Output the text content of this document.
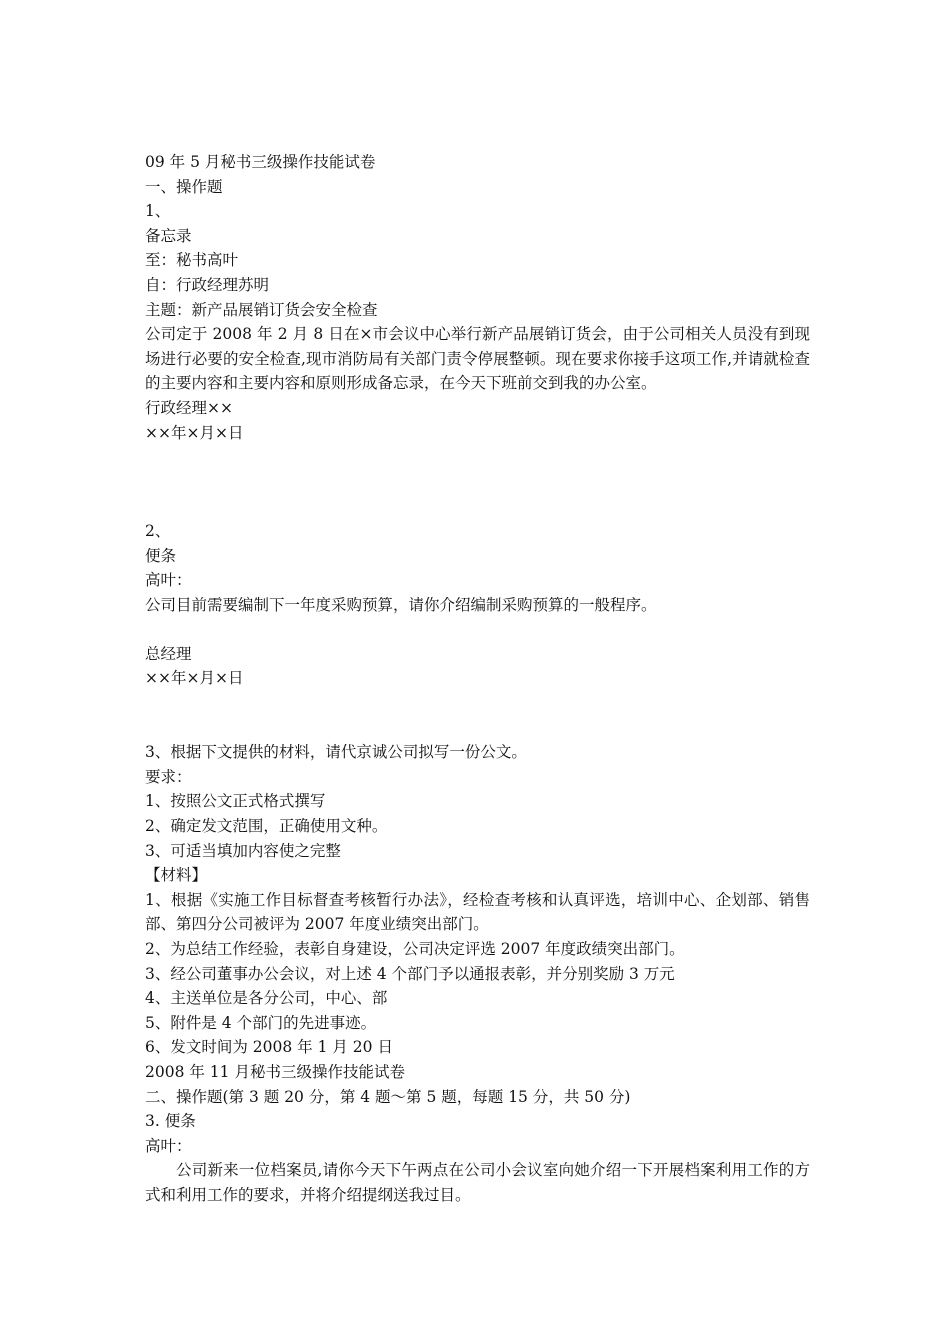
09 年 5 月秘书三级操作技能试卷
一、操作题
1、
备忘录
至：秘书高叶
自：行政经理苏明
主题：新产品展销订货会安全检查
公司定于 2008 年 2 月 8 日在×市会议中心举行新产品展销订货会，由于公司相关人员没有到现场进行必要的安全检查,现市消防局有关部门责令停展整顿。现在要求你接手这项工作,并请就检查的主要内容和主要内容和原则形成备忘录，在今天下班前交到我的办公室。
行政经理××
××年×月×日
2、
便条
高叶：
公司目前需要编制下一年度采购预算，请你介绍编制采购预算的一般程序。
总经理
××年×月×日
3、根据下文提供的材料，请代京诚公司拟写一份公文。
要求：
1、按照公文正式格式撰写
2、确定发文范围，正确使用文种。
3、可适当填加内容使之完整
【材料】
1、根据《实施工作目标督查考核暂行办法》，经检查考核和认真评选，培训中心、企划部、销售部、第四分公司被评为 2007 年度业绩突出部门。
2、为总结工作经验，表彰自身建设，公司决定评选 2007 年度政绩突出部门。
3、经公司董事办公会议，对上述 4 个部门予以通报表彰，并分别奖励 3 万元
4、主送单位是各分公司，中心、部
5、附件是 4 个部门的先进事迹。
6、发文时间为 2008 年 1 月 20 日
2008 年 11 月秘书三级操作技能试卷
二、操作题(第 3 题 20 分，第 4 题～第 5 题，每题 15 分，共 50 分)
3. 便条
高叶：
公司新来一位档案员,请你今天下午两点在公司小会议室向她介绍一下开展档案利用工作的方式和利用工作的要求，并将介绍提纲送我过目。
